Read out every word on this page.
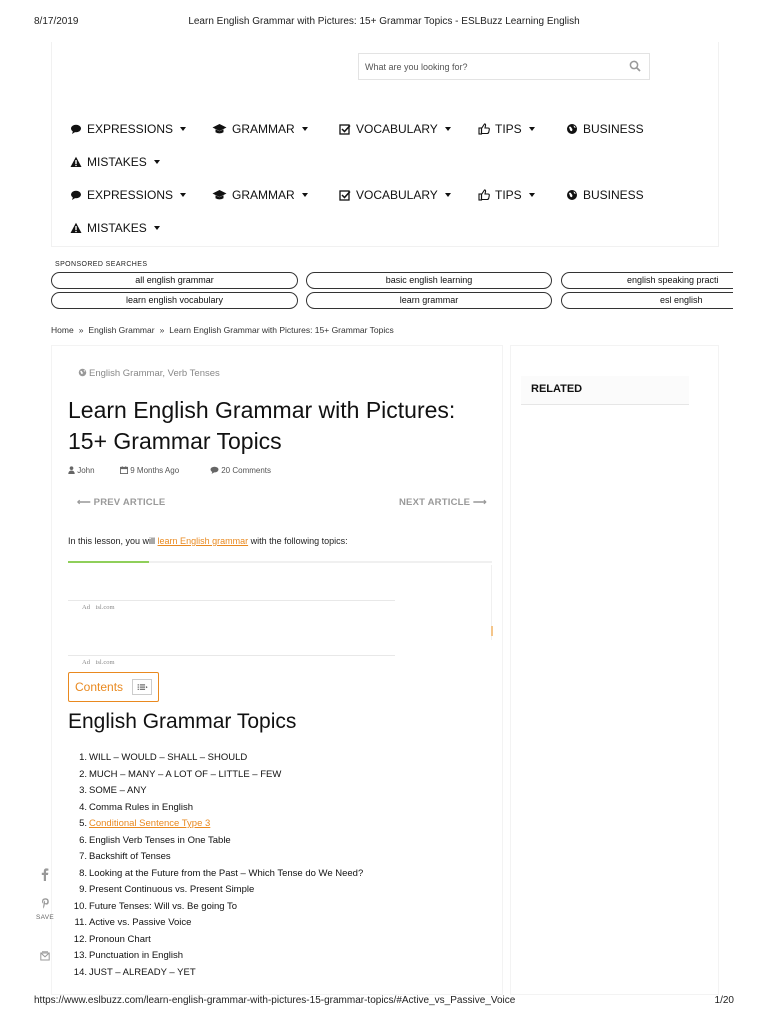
8/17/2019	Learn English Grammar with Pictures: 15+ Grammar Topics - ESLBuzz Learning English
What are you looking for?
EXPRESSIONS	GRAMMAR	VOCABULARY	TIPS	BUSINESS
MISTAKES
EXPRESSIONS	GRAMMAR	VOCABULARY	TIPS	BUSINESS
MISTAKES
SPONSORED SEARCHES
all english grammar	basic english learning	english speaking practi
learn english vocabulary	learn grammar	esl english
Home » English Grammar » Learn English Grammar with Pictures: 15+ Grammar Topics
RELATED
English Grammar, Verb Tenses
Learn English Grammar with Pictures: 15+ Grammar Topics
John	9 Months Ago	20 Comments
⟵ PREV ARTICLE	NEXT ARTICLE ⟶
In this lesson, you will learn English grammar with the following topics:
Ad isl.com
Ad isl.com
Contents
English Grammar Topics
1. WILL – WOULD – SHALL – SHOULD
2. MUCH – MANY – A LOT OF – LITTLE – FEW
3. SOME – ANY
4. Comma Rules in English
5. Conditional Sentence Type 3
6. English Verb Tenses in One Table
7. Backshift of Tenses
8. Looking at the Future from the Past – Which Tense do We Need?
9. Present Continuous vs. Present Simple
10. Future Tenses: Will vs. Be going To
11. Active vs. Passive Voice
12. Pronoun Chart
13. Punctuation in English
14. JUST – ALREADY – YET
SAVE
https://www.eslbuzz.com/learn-english-grammar-with-pictures-15-grammar-topics/#Active_vs_Passive_Voice	1/20
